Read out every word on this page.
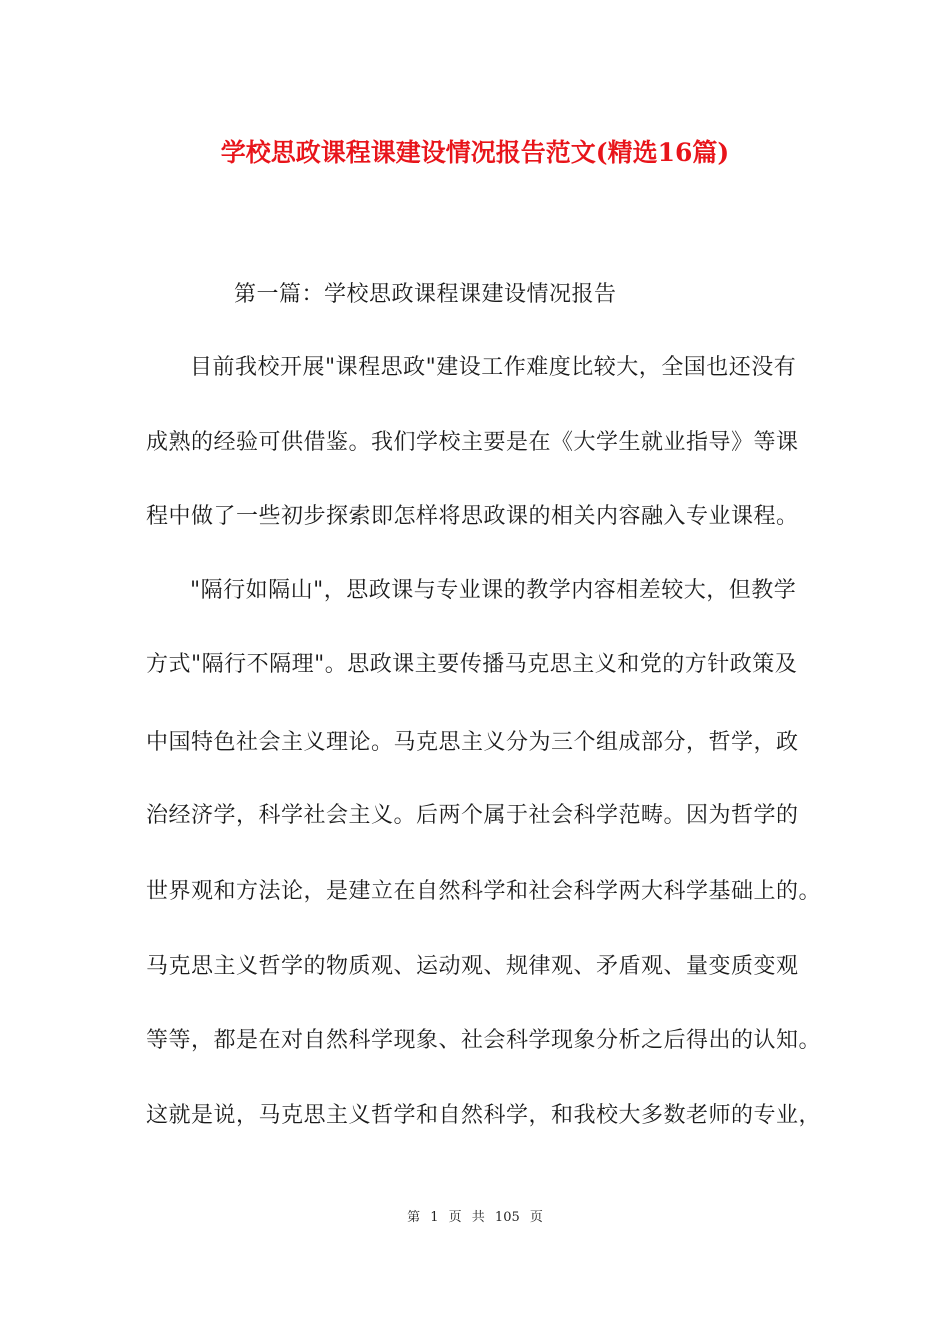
学校思政课程课建设情况报告范文(精选16篇)
第一篇：学校思政课程课建设情况报告
目前我校开展"课程思政"建设工作难度比较大，全国也还没有
成熟的经验可供借鉴。我们学校主要是在《大学生就业指导》等课
程中做了一些初步探索即怎样将思政课的相关内容融入专业课程。
"隔行如隔山"，思政课与专业课的教学内容相差较大，但教学
方式"隔行不隔理"。思政课主要传播马克思主义和党的方针政策及
中国特色社会主义理论。马克思主义分为三个组成部分，哲学，政
治经济学，科学社会主义。后两个属于社会科学范畴。因为哲学的
世界观和方法论，是建立在自然科学和社会科学两大科学基础上的。
马克思主义哲学的物质观、运动观、规律观、矛盾观、量变质变观
等等，都是在对自然科学现象、社会科学现象分析之后得出的认知。
这就是说，马克思主义哲学和自然科学，和我校大多数老师的专业，
第 1 页 共 105 页
